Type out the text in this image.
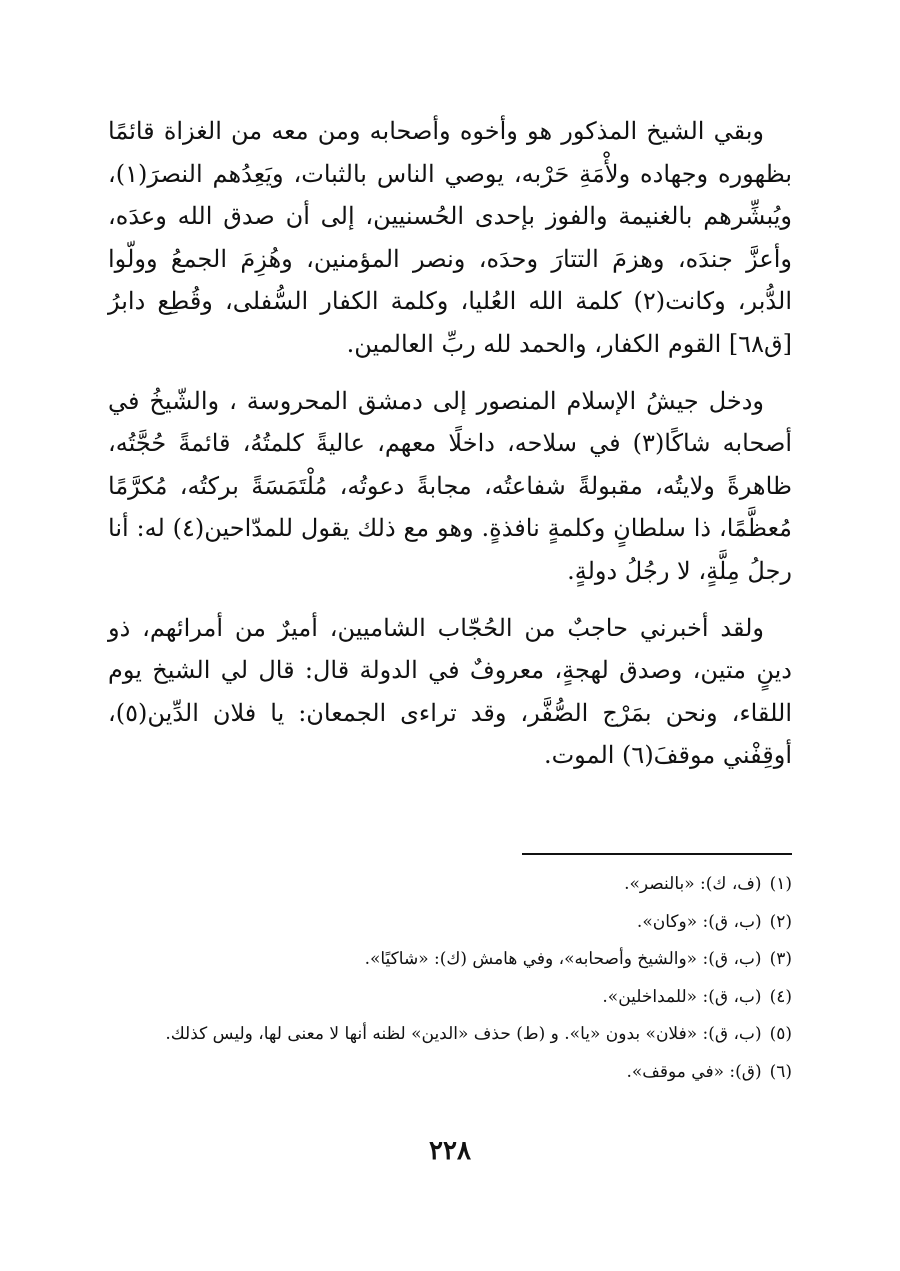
وبقي الشيخ المذكور هو وأخوه وأصحابه ومن معه من الغزاة قائمًا بظهوره وجهاده ولأْمَةِ حَرْبه، يوصي الناس بالثبات، ويَعِدُهم النصرَ(١)، ويُبشِّرهم بالغنيمة والفوز بإحدى الحُسنيين، إلى أن صدق الله وعدَه، وأعزَّ جندَه، وهزمَ التتارَ وحدَه، ونصر المؤمنين، وهُزِمَ الجمعُ وولّوا الدُّبر، وكانت(٢) كلمة الله العُليا، وكلمة الكفار السُّفلى، وقُطِع دابرُ [ق٦٨] القوم الكفار، والحمد لله ربِّ العالمين.

ودخل جيشُ الإسلام المنصور إلى دمشق المحروسة ، والشّيخُ في أصحابه شاكًا(٣) في سلاحه، داخلًا معهم، عاليةً كلمتُهُ، قائمةً حُجَّتُه، ظاهرةً ولايتُه، مقبولةً شفاعتُه، مجابةً دعوتُه، مُلْتَمَسَةً بركتُه، مُكرَّمًا مُعظَّمًا، ذا سلطانٍ وكلمةٍ نافذةٍ. وهو مع ذلك يقول للمدّاحين(٤) له: أنا رجلُ مِلَّةٍ، لا رجُلُ دولةٍ.

ولقد أخبرني حاجبٌ من الحُجّاب الشاميين، أميرٌ من أمرائهم، ذو دينٍ متين، وصدق لهجةٍ، معروفٌ في الدولة قال: قال لي الشيخ يوم اللقاء، ونحن بمَرْج الصُّفَّر، وقد تراءى الجمعان: يا فلان الدِّين(٥)، أوقِفْني موقفَ(٦) الموت.

(١)(ف، ك): «بالنصر».
(٢)(ب، ق): «وكان».
(٣)(ب، ق): «والشيخ وأصحابه»، وفي هامش (ك): «شاكيًا».
(٤)(ب، ق): «للمداخلين».
(٥)(ب، ق): «فلان» بدون «يا». و (ط) حذف «الدين» لظنه أنها لا معنى لها، وليس كذلك.
(٦)(ق): «في موقف».
٢٢٨
